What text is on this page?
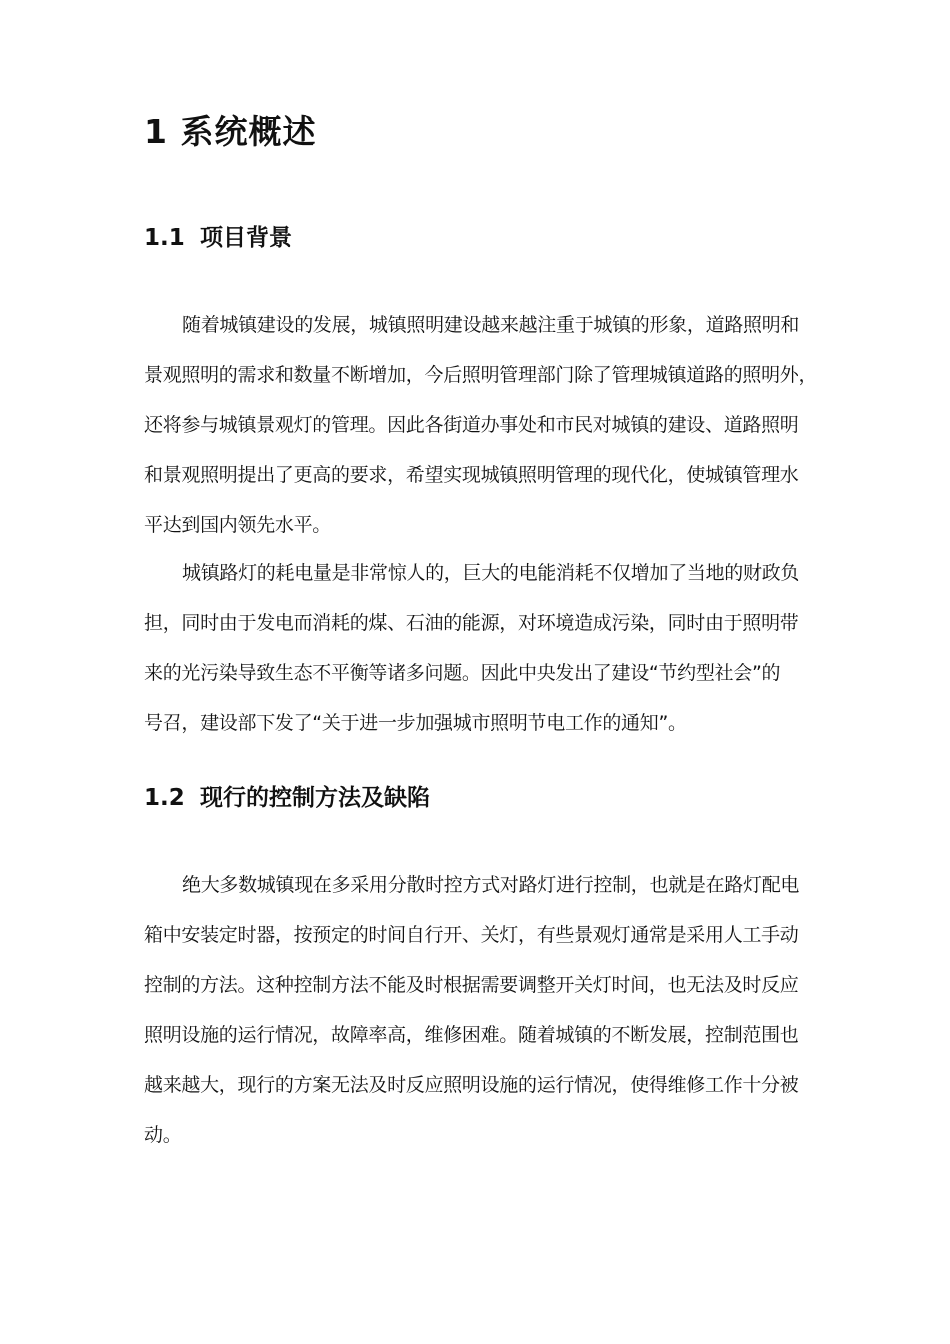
1 系统概述
1.1 项目背景
随着城镇建设的发展，城镇照明建设越来越注重于城镇的形象，道路照明和
景观照明的需求和数量不断增加，今后照明管理部门除了管理城镇道路的照明外，
还将参与城镇景观灯的管理。因此各街道办事处和市民对城镇的建设、道路照明
和景观照明提出了更高的要求，希望实现城镇照明管理的现代化，使城镇管理水
平达到国内领先水平。
城镇路灯的耗电量是非常惊人的，巨大的电能消耗不仅增加了当地的财政负
担，同时由于发电而消耗的煤、石油的能源，对环境造成污染，同时由于照明带
来的光污染导致生态不平衡等诸多问题。因此中央发出了建设“节约型社会”的
号召，建设部下发了“关于进一步加强城市照明节电工作的通知”。
1.2 现行的控制方法及缺陷
绝大多数城镇现在多采用分散时控方式对路灯进行控制，也就是在路灯配电
箱中安装定时器，按预定的时间自行开、关灯，有些景观灯通常是采用人工手动
控制的方法。这种控制方法不能及时根据需要调整开关灯时间，也无法及时反应
照明设施的运行情况，故障率高，维修困难。随着城镇的不断发展，控制范围也
越来越大，现行的方案无法及时反应照明设施的运行情况，使得维修工作十分被
动。
